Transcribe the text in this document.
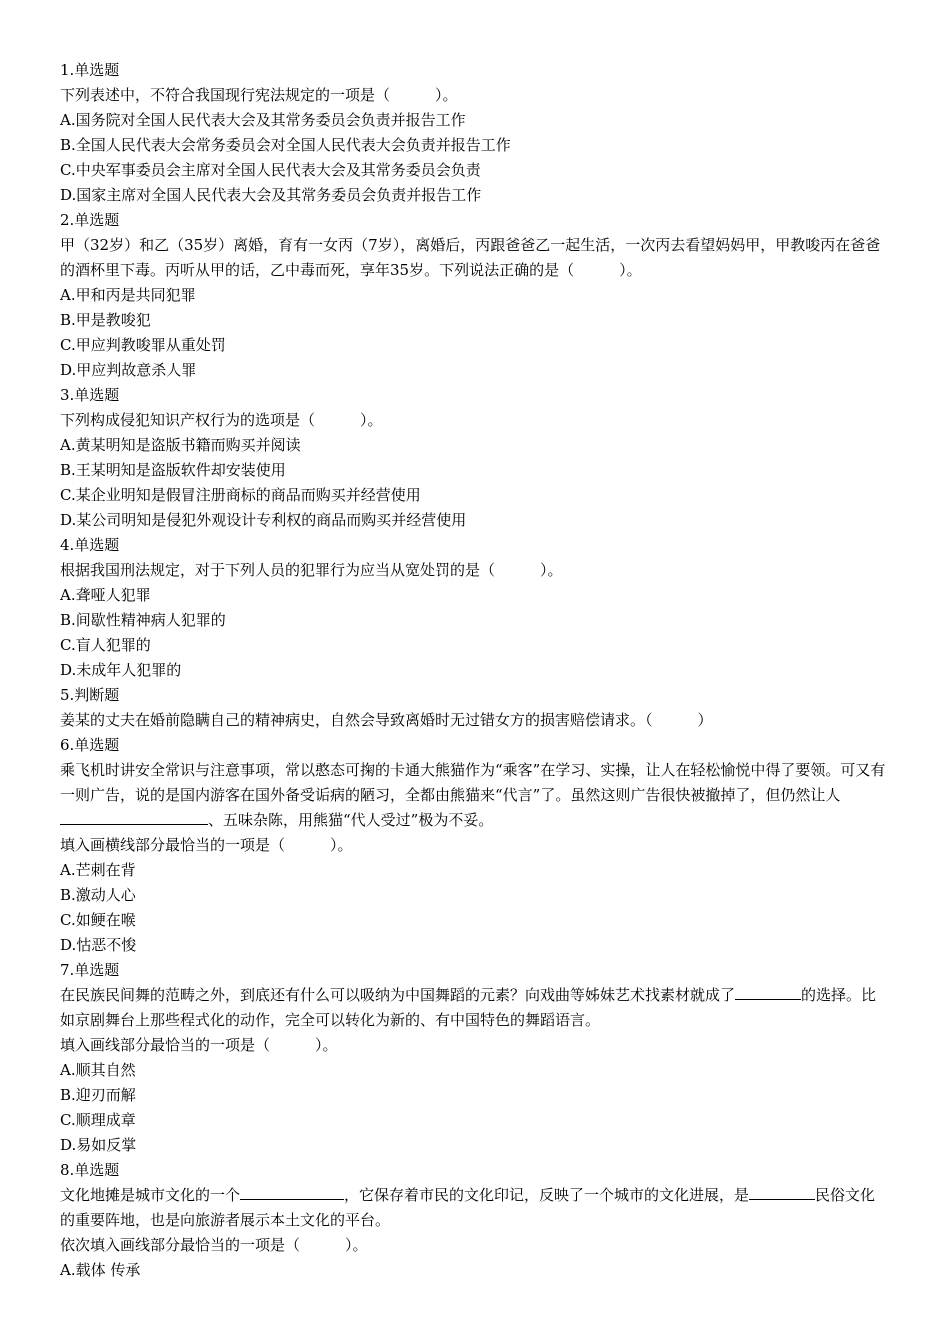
1.单选题
下列表述中，不符合我国现行宪法规定的一项是（　　　）。
A.国务院对全国人民代表大会及其常务委员会负责并报告工作
B.全国人民代表大会常务委员会对全国人民代表大会负责并报告工作
C.中央军事委员会主席对全国人民代表大会及其常务委员会负责
D.国家主席对全国人民代表大会及其常务委员会负责并报告工作
2.单选题
甲（32岁）和乙（35岁）离婚，育有一女丙（7岁），离婚后，丙跟爸爸乙一起生活，一次丙去看望妈妈甲，甲教唆丙在爸爸的酒杯里下毒。丙听从甲的话，乙中毒而死，享年35岁。下列说法正确的是（　　　）。
A.甲和丙是共同犯罪
B.甲是教唆犯
C.甲应判教唆罪从重处罚
D.甲应判故意杀人罪
3.单选题
下列构成侵犯知识产权行为的选项是（　　　）。
A.黄某明知是盗版书籍而购买并阅读
B.王某明知是盗版软件却安装使用
C.某企业明知是假冒注册商标的商品而购买并经营使用
D.某公司明知是侵犯外观设计专利权的商品而购买并经营使用
4.单选题
根据我国刑法规定，对于下列人员的犯罪行为应当从宽处罚的是（　　　）。
A.聋哑人犯罪
B.间歇性精神病人犯罪的
C.盲人犯罪的
D.未成年人犯罪的
5.判断题
姜某的丈夫在婚前隐瞒自己的精神病史，自然会导致离婚时无过错女方的损害赔偿请求。（　　　）
6.单选题
乘飞机时讲安全常识与注意事项，常以憨态可掬的卡通大熊猫作为“乘客”在学习、实操，让人在轻松愉悦中得了要领。可又有一则广告，说的是国内游客在国外备受诟病的陋习，全都由熊猫来“代言”了。虽然这则广告很快被撤掉了，但仍然让人、五味杂陈，用熊猫“代人受过”极为不妥。
填入画横线部分最恰当的一项是（　　　）。
A.芒刺在背
B.激动人心
C.如鲠在喉
D.怙恶不悛
7.单选题
在民族民间舞的范畴之外，到底还有什么可以吸纳为中国舞蹈的元素？向戏曲等姊妹艺术找素材就成了	的选择。比如京剧舞台上那些程式化的动作，完全可以转化为新的、有中国特色的舞蹈语言。
填入画线部分最恰当的一项是（　　　）。
A.顺其自然
B.迎刃而解
C.顺理成章
D.易如反掌
8.单选题
文化地摊是城市文化的一个	，它保存着市民的文化印记，反映了一个城市的文化进展，是	民俗文化的重要阵地，也是向旅游者展示本土文化的平台。
依次填入画线部分最恰当的一项是（　　　）。
A.载体 传承
